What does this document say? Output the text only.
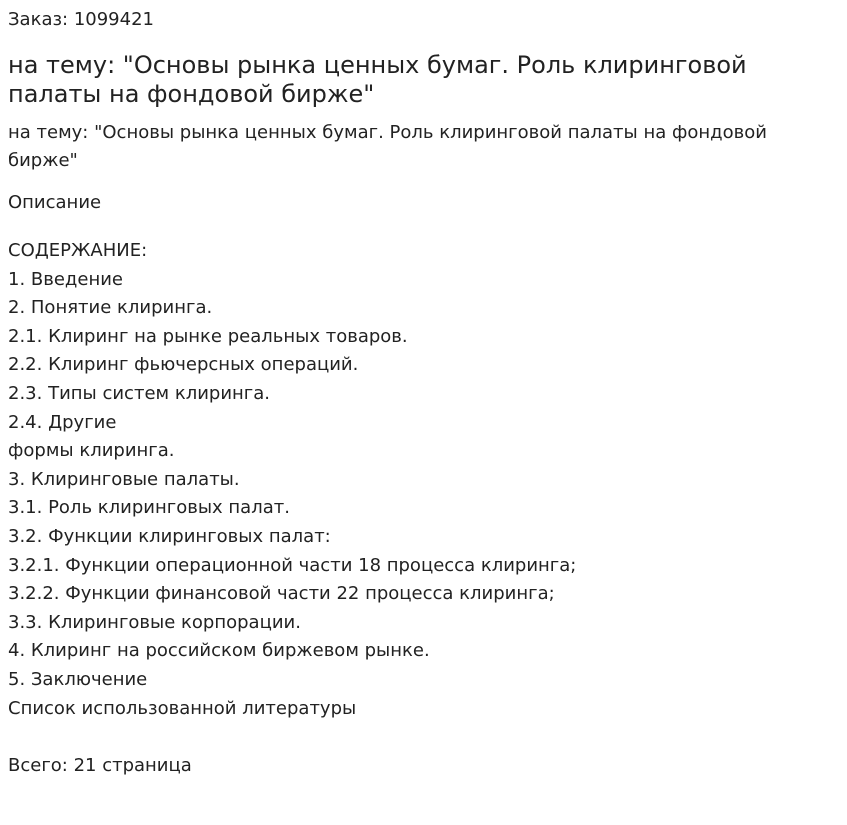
Заказ: 1099421
на тему: "Основы рынка ценных бумаг. Роль клиринговой палаты на фондовой бирже"
на тему: "Основы рынка ценных бумаг. Роль клиринговой палаты на фондовой бирже"
Описание
СОДЕРЖАНИЕ:
1. Введение
2. Понятие клиринга.
2.1. Клиринг на рынке реальных товаров.
2.2. Клиринг фьючерсных операций.
2.3. Типы систем клиринга.
2.4. Другие
формы клиринга.
3. Клиринговые палаты.
3.1. Роль клиринговых палат.
3.2. Функции клиринговых палат:
3.2.1. Функции операционной части 18 процесса клиринга;
3.2.2. Функции финансовой части 22 процесса клиринга;
3.3. Клиринговые корпорации.
4. Клиринг на российском биржевом рынке.
5. Заключение
Список использованной литературы
Всего: 21 страница
